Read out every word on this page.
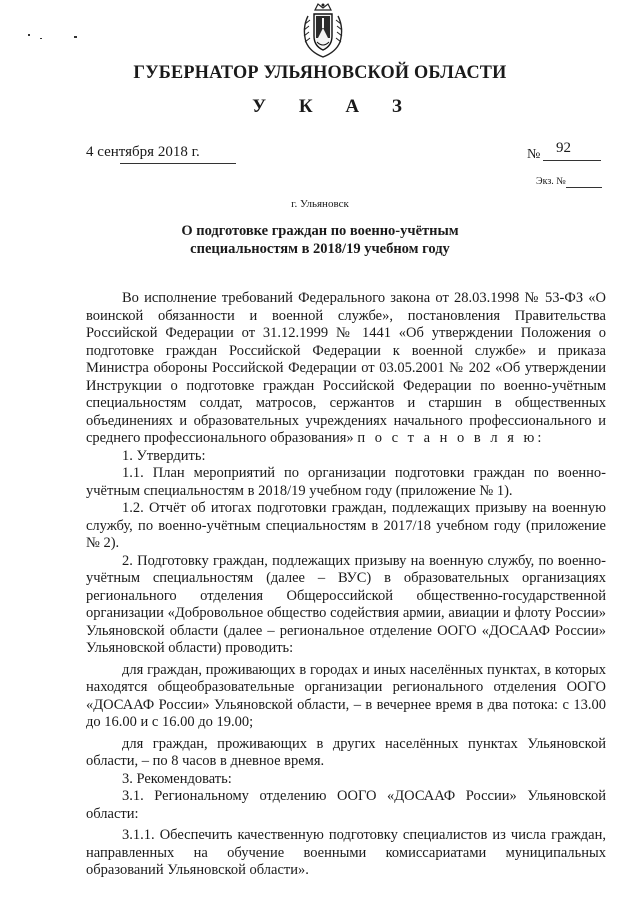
ГУБЕРНАТОР УЛЬЯНОВСКОЙ ОБЛАСТИ
У К А З
4 сентября 2018 г.	№ 92
Экз. №
г. Ульяновск
О подготовке граждан по военно-учётным
специальностям в 2018/19 учебном году

Во исполнение требований Федерального закона от 28.03.1998 № 53-ФЗ «О воинской обязанности и военной службе», постановления Правительства Российской Федерации от 31.12.1999 № 1441 «Об утверждении Положения о подготовке граждан Российской Федерации к военной службе» и приказа Министра обороны Российской Федерации от 03.05.2001 № 202 «Об утверждении Инструкции о подготовке граждан Российской Федерации по военно-учётным специальностям солдат, матросов, сержантов и старшин в общественных объединениях и образовательных учреждениях начального профессионального и среднего профессионального образования» п о с т а н о в л я ю:

1. Утвердить:

1.1. План мероприятий по организации подготовки граждан по военно-учётным специальностям в 2018/19 учебном году (приложение № 1).

1.2. Отчёт об итогах подготовки граждан, подлежащих призыву на военную службу, по военно-учётным специальностям в 2017/18 учебном году (приложение № 2).

2. Подготовку граждан, подлежащих призыву на военную службу, по военно-учётным специальностям (далее – ВУС) в образовательных организациях регионального отделения Общероссийской общественно-государственной организации «Добровольное общество содействия армии, авиации и флоту России» Ульяновской области (далее – региональное отделение ООГО «ДОСААФ России» Ульяновской области) проводить:

для граждан, проживающих в городах и иных населённых пунктах, в которых находятся общеобразовательные организации регионального отделения ООГО «ДОСААФ России» Ульяновской области, – в вечернее время в два потока: с 13.00 до 16.00 и с 16.00 до 19.00;

для граждан, проживающих в других населённых пунктах Ульяновской области, – по 8 часов в дневное время.

3. Рекомендовать:

3.1. Региональному отделению ООГО «ДОСААФ России» Ульяновской области:

3.1.1. Обеспечить качественную подготовку специалистов из числа граждан, направленных на обучение военными комиссариатами муниципальных образований Ульяновской области».
